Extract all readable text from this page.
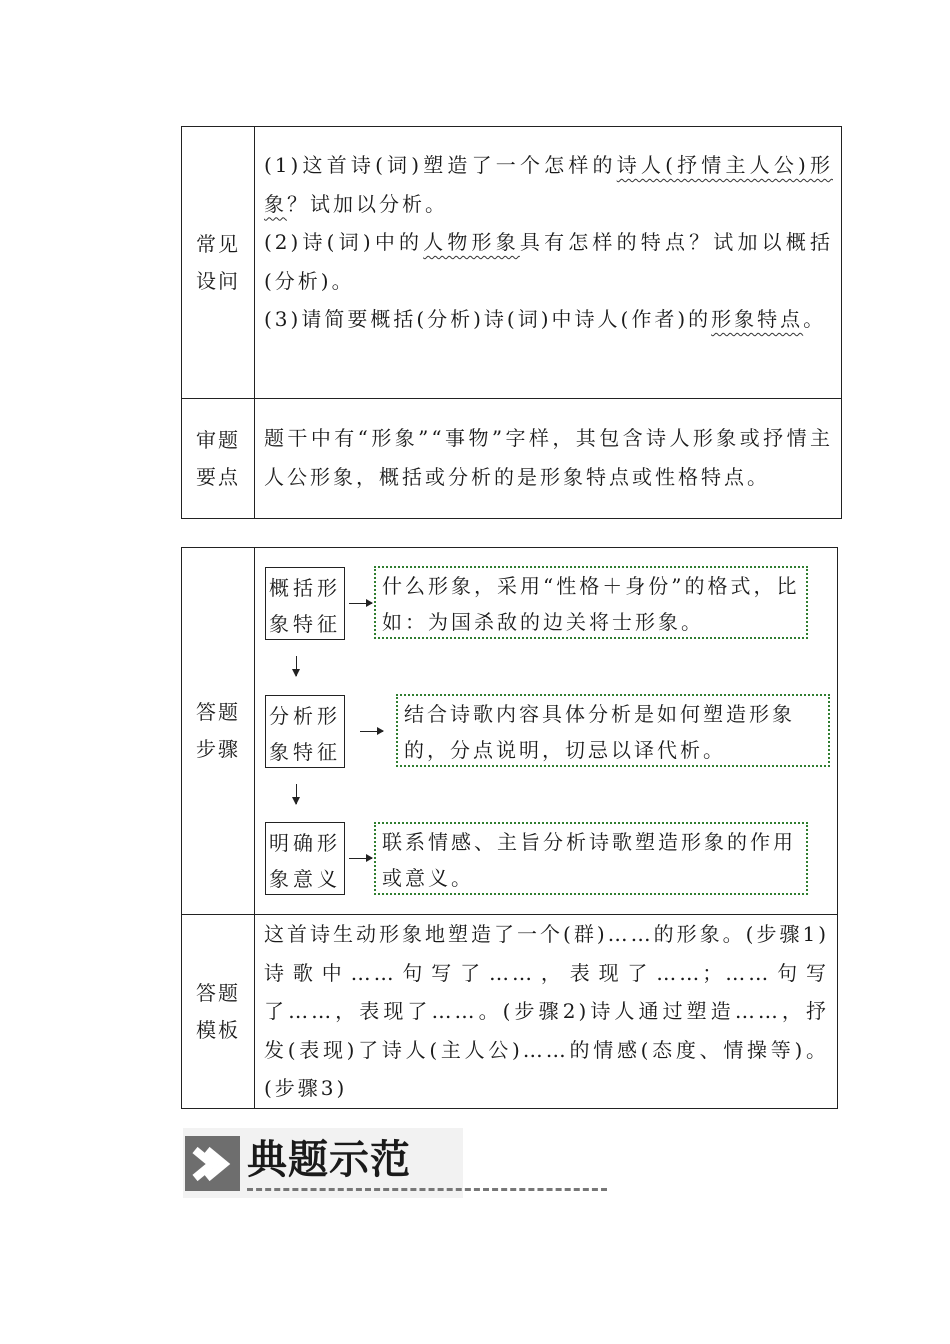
常见设问
(1)这首诗(词)塑造了一个怎样的诗人(抒情主人公)形象？试加以分析。
(2)诗(词)中的人物形象具有怎样的特点？试加以概括(分析)。
(3)请简要概括(分析)诗(词)中诗人(作者)的形象特点。
审题要点
题干中有“形象”“事物”字样，其包含诗人形象或抒情主人公形象，概括或分析的是形象特点或性格特点。
答题步骤
概括形象特征
什么形象，采用“性格＋身份”的格式，比如：为国杀敌的边关将士形象。
分析形象特征
结合诗歌内容具体分析是如何塑造形象的，分点说明，切忌以译代析。
明确形象意义
联系情感、主旨分析诗歌塑造形象的作用或意义。
答题模板
这首诗生动形象地塑造了一个(群)……的形象。(步骤1)诗歌中……句写了……，表现了……；……句写了……，表现了……。(步骤2)诗人通过塑造……，抒发(表现)了诗人(主人公)……的情感(态度、情操等)。(步骤3)
典题示范
